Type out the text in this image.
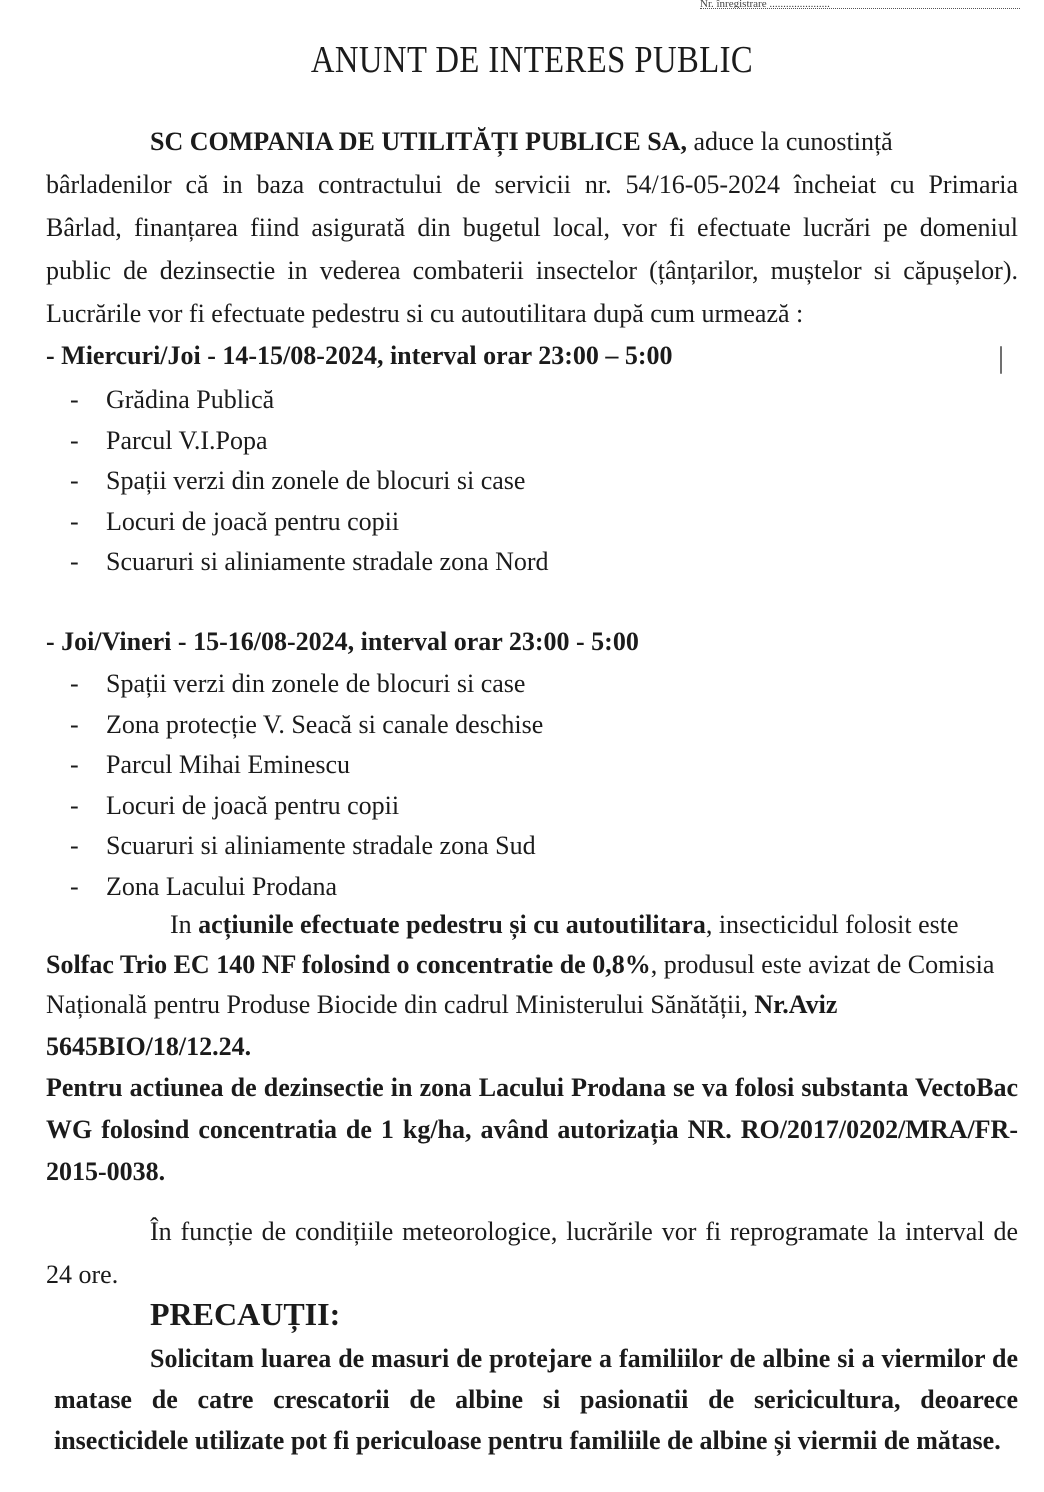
Nr. înregistrare ......................
ANUNT DE INTERES PUBLIC
SC COMPANIA DE UTILITĂȚI PUBLICE SA, aduce la cunostință
bârladenilor că in baza contractului de servicii nr. 54/16-05-2024 încheiat cu Primaria
Bârlad, finanțarea fiind asigurată din bugetul local, vor fi efectuate lucrări pe domeniul
public de dezinsectie in vederea combaterii insectelor (țânțarilor, muștelor si căpușelor).
Lucrările vor fi efectuate pedestru si cu autoutilitara după cum urmează :
- Miercuri/Joi - 14-15/08-2024, interval orar 23:00 – 5:00
- Grădina Publică
- Parcul V.I.Popa
- Spații verzi din zonele de blocuri si case
- Locuri de joacă pentru copii
- Scuaruri si aliniamente stradale zona Nord
- Joi/Vineri - 15-16/08-2024, interval orar 23:00 - 5:00
- Spații verzi din zonele de blocuri si case
- Zona protecție V. Seacă si canale deschise
- Parcul Mihai Eminescu
- Locuri de joacă pentru copii
- Scuaruri si aliniamente stradale zona Sud
- Zona Lacului Prodana
In acțiunile efectuate pedestru și cu autoutilitara, insecticidul folosit este
Solfac Trio EC 140 NF folosind o concentratie de 0,8%, produsul este avizat de Comisia
Națională pentru Produse Biocide din cadrul Ministerului Sănătății, Nr.Aviz
5645BIO/18/12.24.
Pentru actiunea de dezinsectie in zona Lacului Prodana se va folosi substanta VectoBac
WG folosind concentratia de 1 kg/ha, având autorizația NR. RO/2017/0202/MRA/FR-
2015-0038.
În funcție de condițiile meteorologice, lucrările vor fi reprogramate la interval de
24 ore.
PRECAUȚII:
Solicitam luarea de masuri de protejare a familiilor de albine si a viermilor de
matase de catre crescatorii de albine si pasionatii de sericicultura, deoarece
insecticidele utilizate pot fi periculoase pentru familiile de albine și viermii de mătase.
